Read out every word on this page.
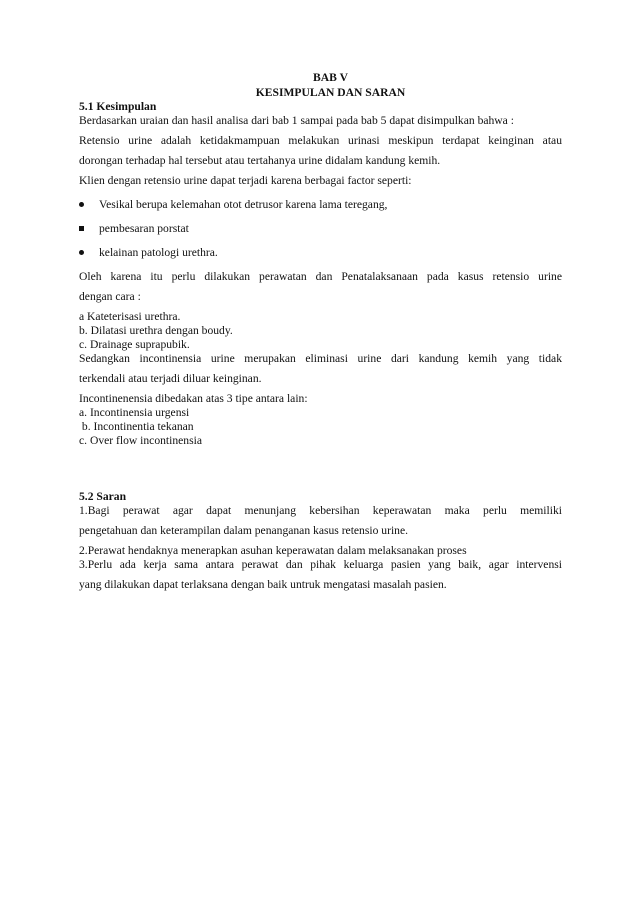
BAB V
KESIMPULAN DAN SARAN
5.1 Kesimpulan

Berdasarkan uraian dan hasil analisa dari bab 1 sampai pada bab 5 dapat disimpulkan bahwa :

Retensio urine adalah ketidakmampuan melakukan urinasi meskipun terdapat keinginan atau

dorongan terhadap hal tersebut atau tertahanya urine didalam kandung kemih.

Klien dengan retensio urine dapat terjadi karena berbagai factor seperti:

Vesikal berupa kelemahan otot detrusor karena lama teregang,
pembesaran porstat
kelainan patologi urethra.

Oleh karena itu perlu dilakukan perawatan dan Penatalaksanaan pada kasus retensio urine

dengan cara :

a Kateterisasi urethra.

b. Dilatasi urethra dengan boudy.

c. Drainage suprapubik.

Sedangkan incontinensia urine merupakan eliminasi urine dari kandung kemih yang tidak

terkendali atau terjadi diluar keinginan.

Incontinenensia dibedakan atas 3 tipe antara lain:

a. Incontinensia urgensi

b. Incontinentia tekanan

c. Over flow incontinensia

5.2 Saran

1.Bagi perawat agar dapat menunjang kebersihan keperawatan maka perlu memiliki

pengetahuan dan keterampilan dalam penanganan kasus retensio urine.

2.Perawat hendaknya menerapkan asuhan keperawatan dalam melaksanakan proses

3.Perlu ada kerja sama antara perawat dan pihak keluarga pasien yang baik, agar intervensi

yang dilakukan dapat terlaksana dengan baik untruk mengatasi masalah pasien.
